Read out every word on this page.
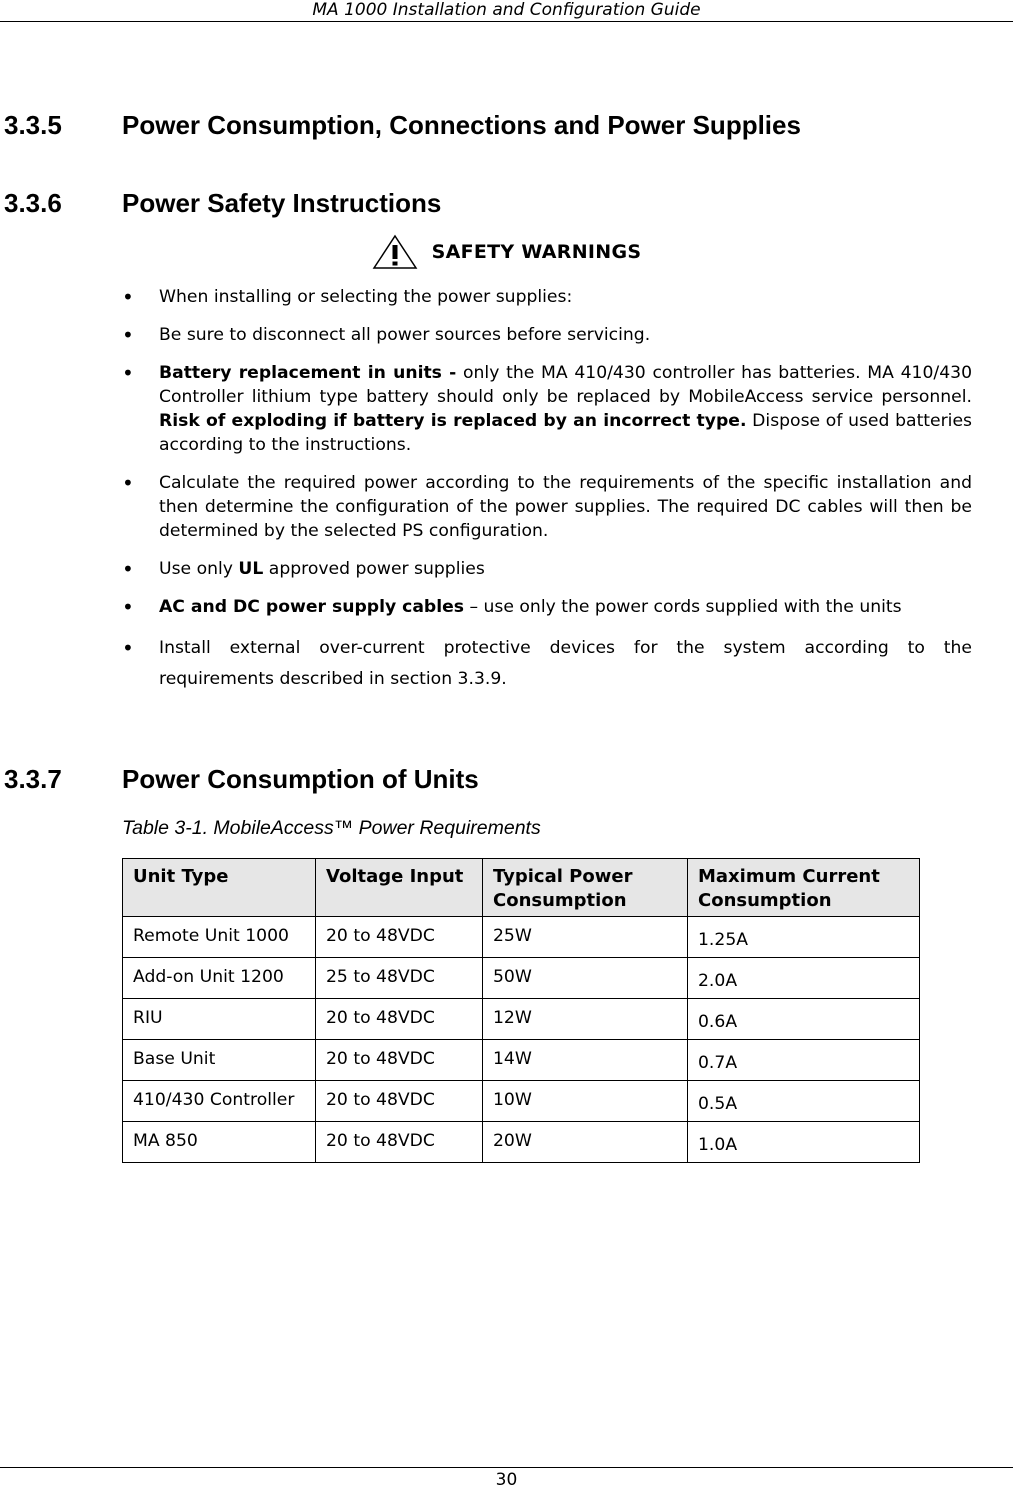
MA 1000 Installation and Configuration Guide
3.3.5 Power Consumption, Connections and Power Supplies
3.3.6 Power Safety Instructions
SAFETY WARNINGS
• When installing or selecting the power supplies:
• Be sure to disconnect all power sources before servicing.
• Battery replacement in units - only the MA 410/430 controller has batteries. MA 410/430 Controller lithium type battery should only be replaced by MobileAccess service personnel. Risk of exploding if battery is replaced by an incorrect type. Dispose of used batteries according to the instructions.
• Calculate the required power according to the requirements of the specific installation and then determine the configuration of the power supplies. The required DC cables will then be determined by the selected PS configuration.
• Use only UL approved power supplies
• AC and DC power supply cables – use only the power cords supplied with the units
• Install external over-current protective devices for the system according to the
requirements described in section 3.3.9.
3.3.7 Power Consumption of Units

Table 3-1. MobileAccess™ Power Requirements

Unit Type	Voltage Input	Typical Power Consumption	Maximum Current Consumption
Remote Unit 1000	20 to 48VDC	25W	1.25A
Add-on Unit 1200	25 to 48VDC	50W	2.0A
RIU	20 to 48VDC	12W	0.6A
Base Unit	20 to 48VDC	14W	0.7A
410/430 Controller	20 to 48VDC	10W	0.5A
MA 850	20 to 48VDC	20W	1.0A
30
